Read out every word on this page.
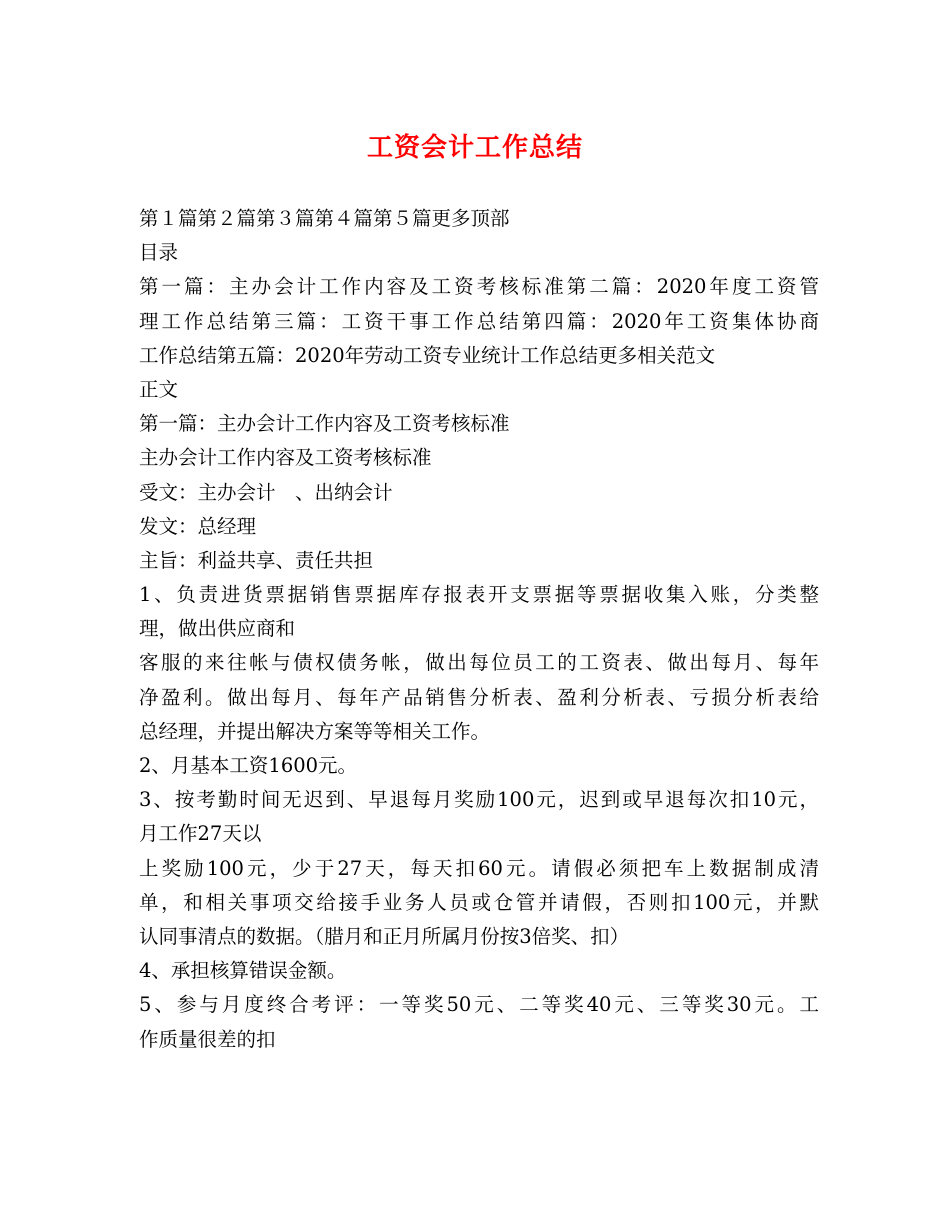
工资会计工作总结
第１篇第２篇第３篇第４篇第５篇更多顶部
目录
第一篇：主办会计工作内容及工资考核标准第二篇：2020年度工资管
理工作总结第三篇：工资干事工作总结第四篇：2020年工资集体协商
工作总结第五篇：2020年劳动工资专业统计工作总结更多相关范文
正文
第一篇：主办会计工作内容及工资考核标准
主办会计工作内容及工资考核标准
受文：主办会计　、出纳会计
发文：总经理
主旨：利益共享、责任共担
1、负责进货票据销售票据库存报表开支票据等票据收集入账，分类整
理，做出供应商和
客服的来往帐与债权债务帐，做出每位员工的工资表、做出每月、每年
净盈利。做出每月、每年产品销售分析表、盈利分析表、亏损分析表给
总经理，并提出解决方案等等相关工作。
2、月基本工资1600元。
3、按考勤时间无迟到、早退每月奖励100元，迟到或早退每次扣10元，
月工作27天以
上奖励100元，少于27天，每天扣60元。请假必须把车上数据制成清
单，和相关事项交给接手业务人员或仓管并请假，否则扣100元，并默
认同事清点的数据。（腊月和正月所属月份按3倍奖、扣）
4、承担核算错误金额。
5、参与月度终合考评：一等奖50元、二等奖40元、三等奖30元。工
作质量很差的扣
